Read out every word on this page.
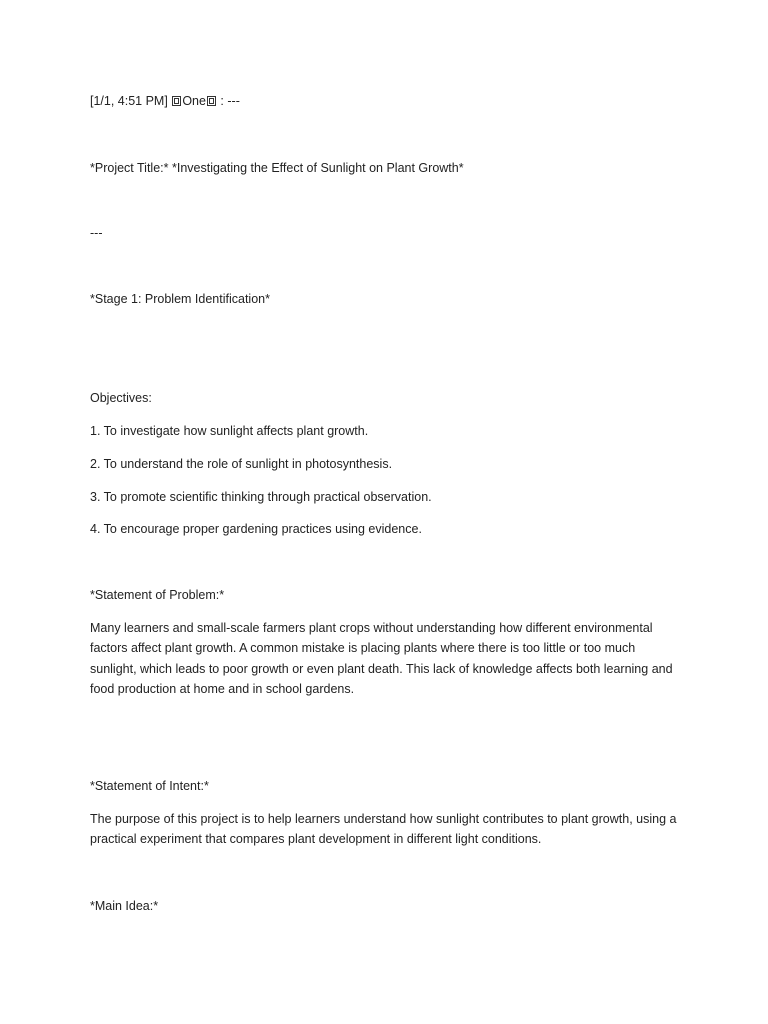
[1/1, 4:51 PM] One : ---
*Project Title:* *Investigating the Effect of Sunlight on Plant Growth*
---
*Stage 1: Problem Identification*
Objectives:
1. To investigate how sunlight affects plant growth.
2. To understand the role of sunlight in photosynthesis.
3. To promote scientific thinking through practical observation.
4. To encourage proper gardening practices using evidence.
*Statement of Problem:*
Many learners and small-scale farmers plant crops without understanding how different environmental factors affect plant growth. A common mistake is placing plants where there is too little or too much sunlight, which leads to poor growth or even plant death. This lack of knowledge affects both learning and food production at home and in school gardens.
*Statement of Intent:*
The purpose of this project is to help learners understand how sunlight contributes to plant growth, using a practical experiment that compares plant development in different light conditions.
*Main Idea:*
